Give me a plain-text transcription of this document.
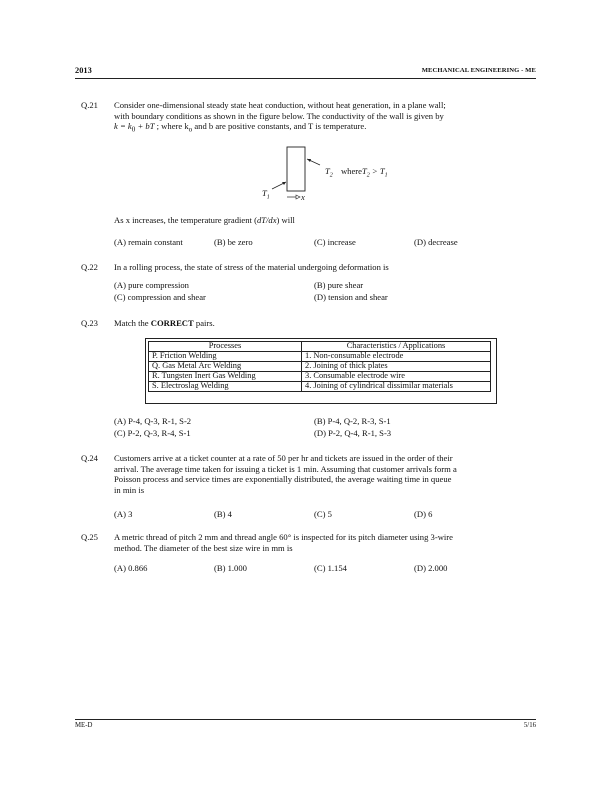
2013	MECHANICAL ENGINEERING - ME
Q.21 Consider one-dimensional steady state heat conduction, without heat generation, in a plane wall;
with boundary conditions as shown in the figure below. The conductivity of the wall is given by
$k = k_0$ + bT ; where $k_o$ and b are positive constants, and T is temperature.
$T_2$ whereT$_2$ > $T_1$
$T_1$	x
As x increases, the temperature gradient (dT/dx) will
(A) remain constant	(B) be zero	(C) increase	(D) decrease
Q.22 In a rolling process, the state of stress of the material undergoing deformation is
(A) pure compression	(B) pure shear
(C) compression and shear	(D) tension and shear
Q.23 Match the CORRECT pairs.
Processes	Characteristics / Applications
P. Friction Welding	1. Non-consumable electrode
Q. Gas Metal Arc Welding	2. Joining of thick plates
R. Tungsten Inert Gas Welding	3. Consumable electrode wire
S. Electroslag Welding	4. Joining of cylindrical dissimilar materials
(A) P-4, Q-3, R-1, S-2	(B) P-4, Q-2, R-3, S-1
(C) P-2, Q-3, R-4, S-1	(D) P-2, Q-4, R-1, S-3
Q.24 Customers arrive at a ticket counter at a rate of 50 per hr and tickets are issued in the order of their
arrival. The average time taken for issuing a ticket is 1 min. Assuming that customer arrivals form a
Poisson process and service times are exponentially distributed, the average waiting time in queue
in min is
(A) 3	(B) 4	(C) 5	(D) 6
Q.25 A metric thread of pitch 2 mm and thread angle 60° is inspected for its pitch diameter using 3-wire
method. The diameter of the best size wire in mm is
(A) 0.866	(B) 1.000	(C) 1.154	(D) 2.000
ME-D	5/16
